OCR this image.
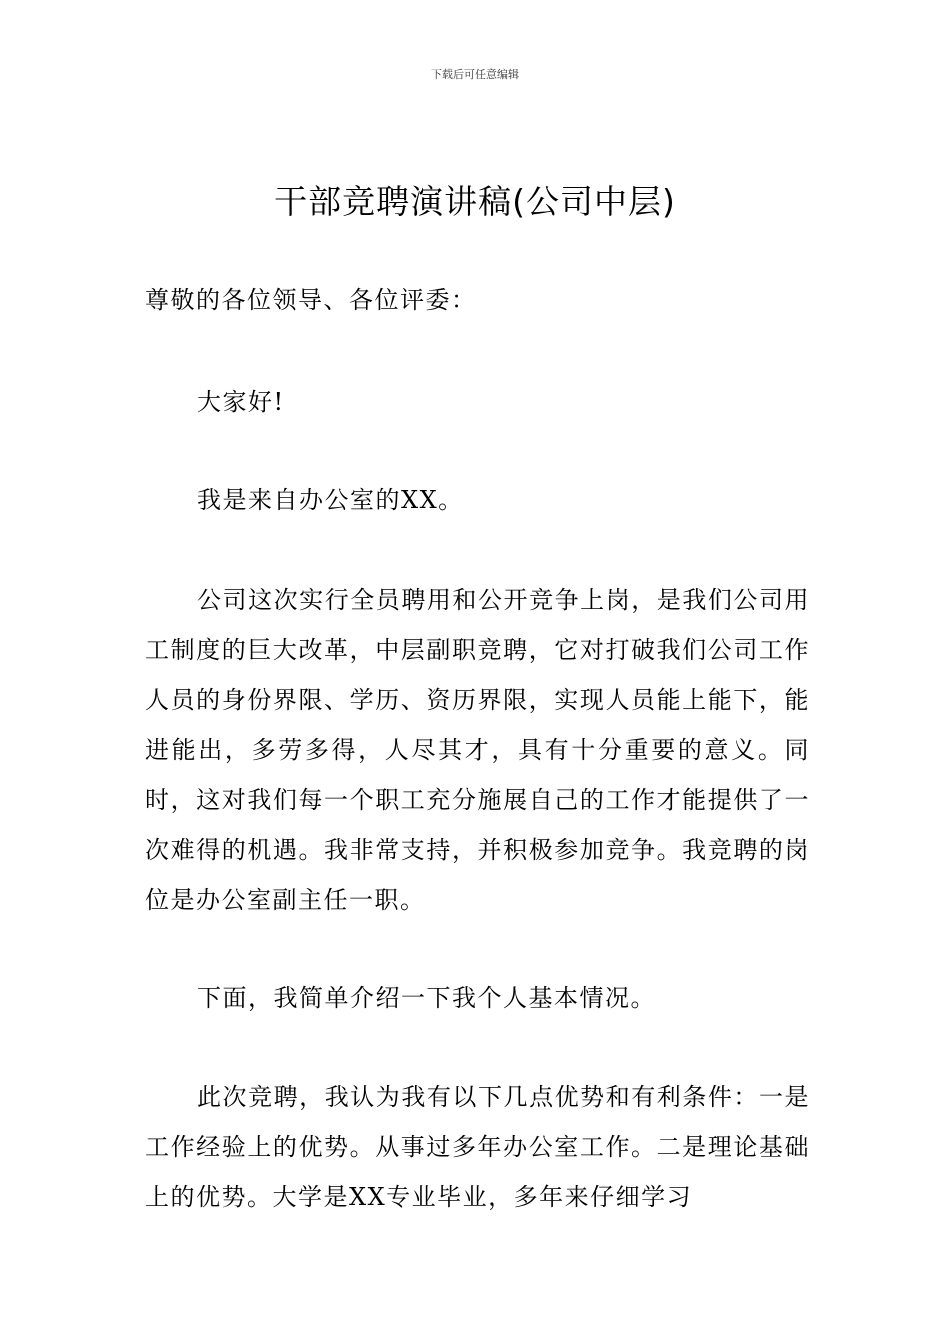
下载后可任意编辑
干部竞聘演讲稿(公司中层)

尊敬的各位领导、各位评委：

大家好!

我是来自办公室的XX。

公司这次实行全员聘用和公开竞争上岗，是我们公司用工制度的巨大改革，中层副职竞聘，它对打破我们公司工作人员的身份界限、学历、资历界限，实现人员能上能下，能进能出，多劳多得，人尽其才，具有十分重要的意义。同时，这对我们每一个职工充分施展自己的工作才能提供了一次难得的机遇。我非常支持，并积极参加竞争。我竞聘的岗位是办公室副主任一职。

下面，我简单介绍一下我个人基本情况。

此次竞聘，我认为我有以下几点优势和有利条件：一是工作经验上的优势。从事过多年办公室工作。二是理论基础上的优势。大学是XX专业毕业，多年来仔细学习
